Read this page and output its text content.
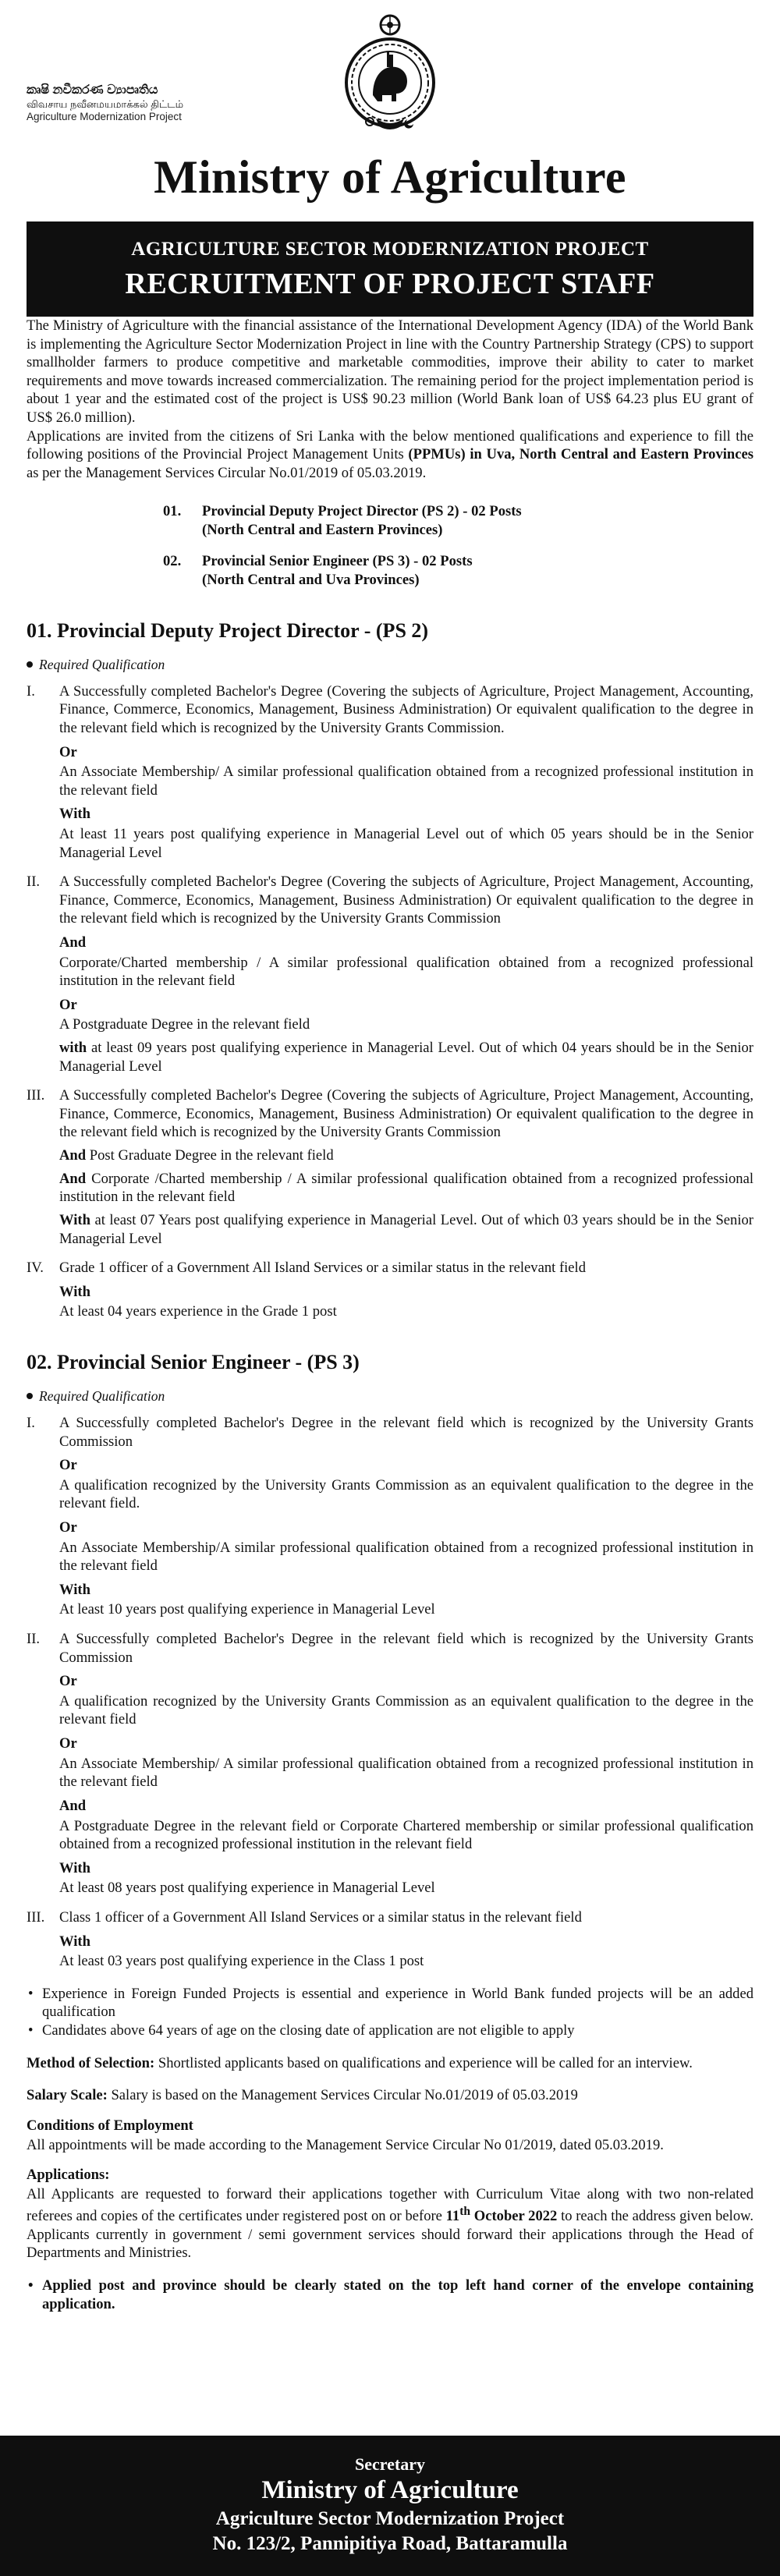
කෘෂි නවීකරණ ව්‍යාපෘතිය
விவசாய நவீனமயமாக்கல் திட்டம்
Agriculture Modernization Project
Ministry of Agriculture
AGRICULTURE SECTOR MODERNIZATION PROJECT
RECRUITMENT OF PROJECT STAFF

The Ministry of Agriculture with the financial assistance of the International Development Agency (IDA) of the World Bank is implementing the Agriculture Sector Modernization Project in line with the Country Partnership Strategy (CPS) to support smallholder farmers to produce competitive and marketable commodities, improve their ability to cater to market requirements and move towards increased commercialization. The remaining period for the project implementation period is about 1 year and the estimated cost of the project is US$ 90.23 million (World Bank loan of US$ 64.23 plus EU grant of US$ 26.0 million).

Applications are invited from the citizens of Sri Lanka with the below mentioned qualifications and experience to fill the following positions of the Provincial Project Management Units (PPMUs) in Uva, North Central and Eastern Provinces as per the Management Services Circular No.01/2019 of 05.03.2019.

01.	Provincial Deputy Project Director (PS 2) - 02 Posts
(North Central and Eastern Provinces)
02.	Provincial Senior Engineer (PS 3) - 02 Posts
(North Central and Uva Provinces)
01. Provincial Deputy Project Director - (PS 2)
Required Qualification
I.	A Successfully completed Bachelor's Degree (Covering the subjects of Agriculture, Project Management, Accounting, Finance, Commerce, Economics, Management, Business Administration) Or equivalent qualification to the degree in the relevant field which is recognized by the University Grants Commission.

Or

An Associate Membership/ A similar professional qualification obtained from a recognized professional institution in the relevant field

With

At least 11 years post qualifying experience in Managerial Level out of which 05 years should be in the Senior Managerial Level

II.	A Successfully completed Bachelor's Degree (Covering the subjects of Agriculture, Project Management, Accounting, Finance, Commerce, Economics, Management, Business Administration) Or equivalent qualification to the degree in the relevant field which is recognized by the University Grants Commission

And

Corporate/Charted membership / A similar professional qualification obtained from a recognized professional institution in the relevant field

Or

A Postgraduate Degree in the relevant field

with at least 09 years post qualifying experience in Managerial Level. Out of which 04 years should be in the Senior Managerial Level

III.	A Successfully completed Bachelor's Degree (Covering the subjects of Agriculture, Project Management, Accounting, Finance, Commerce, Economics, Management, Business Administration) Or equivalent qualification to the degree in the relevant field which is recognized by the University Grants Commission

And Post Graduate Degree in the relevant field

And Corporate /Charted membership / A similar professional qualification obtained from a recognized professional institution in the relevant field

With at least 07 Years post qualifying experience in Managerial Level. Out of which 03 years should be in the Senior Managerial Level

IV.	Grade 1 officer of a Government All Island Services or a similar status in the relevant field

With

At least 04 years experience in the Grade 1 post

02. Provincial Senior Engineer - (PS 3)
Required Qualification
I.	A Successfully completed Bachelor's Degree in the relevant field which is recognized by the University Grants Commission

Or

A qualification recognized by the University Grants Commission as an equivalent qualification to the degree in the relevant field.

Or

An Associate Membership/A similar professional qualification obtained from a recognized professional institution in the relevant field

With

At least 10 years post qualifying experience in Managerial Level

II.	A Successfully completed Bachelor's Degree in the relevant field which is recognized by the University Grants Commission

Or

A qualification recognized by the University Grants Commission as an equivalent qualification to the degree in the relevant field

Or

An Associate Membership/ A similar professional qualification obtained from a recognized professional institution in the relevant field

And

A Postgraduate Degree in the relevant field or Corporate Chartered membership or similar professional qualification obtained from a recognized professional institution in the relevant field

With

At least 08 years post qualifying experience in Managerial Level

III.	Class 1 officer of a Government All Island Services or a similar status in the relevant field

With

At least 03 years post qualifying experience in the Class 1 post

• Experience in Foreign Funded Projects is essential and experience in World Bank funded projects will be an added qualification
• Candidates above 64 years of age on the closing date of application are not eligible to apply

Method of Selection: Shortlisted applicants based on qualifications and experience will be called for an interview.

Salary Scale: Salary is based on the Management Services Circular No.01/2019 of 05.03.2019

Conditions of Employment

All appointments will be made according to the Management Service Circular No 01/2019, dated 05.03.2019.

Applications:

All Applicants are requested to forward their applications together with Curriculum Vitae along with two non-related referees and copies of the certificates under registered post on or before 11th October 2022 to reach the address given below. Applicants currently in government / semi government services should forward their applications through the Head of Departments and Ministries.

• Applied post and province should be clearly stated on the top left hand corner of the envelope containing application.
Secretary
Ministry of Agriculture
Agriculture Sector Modernization Project
No. 123/2, Pannipitiya Road, Battaramulla
